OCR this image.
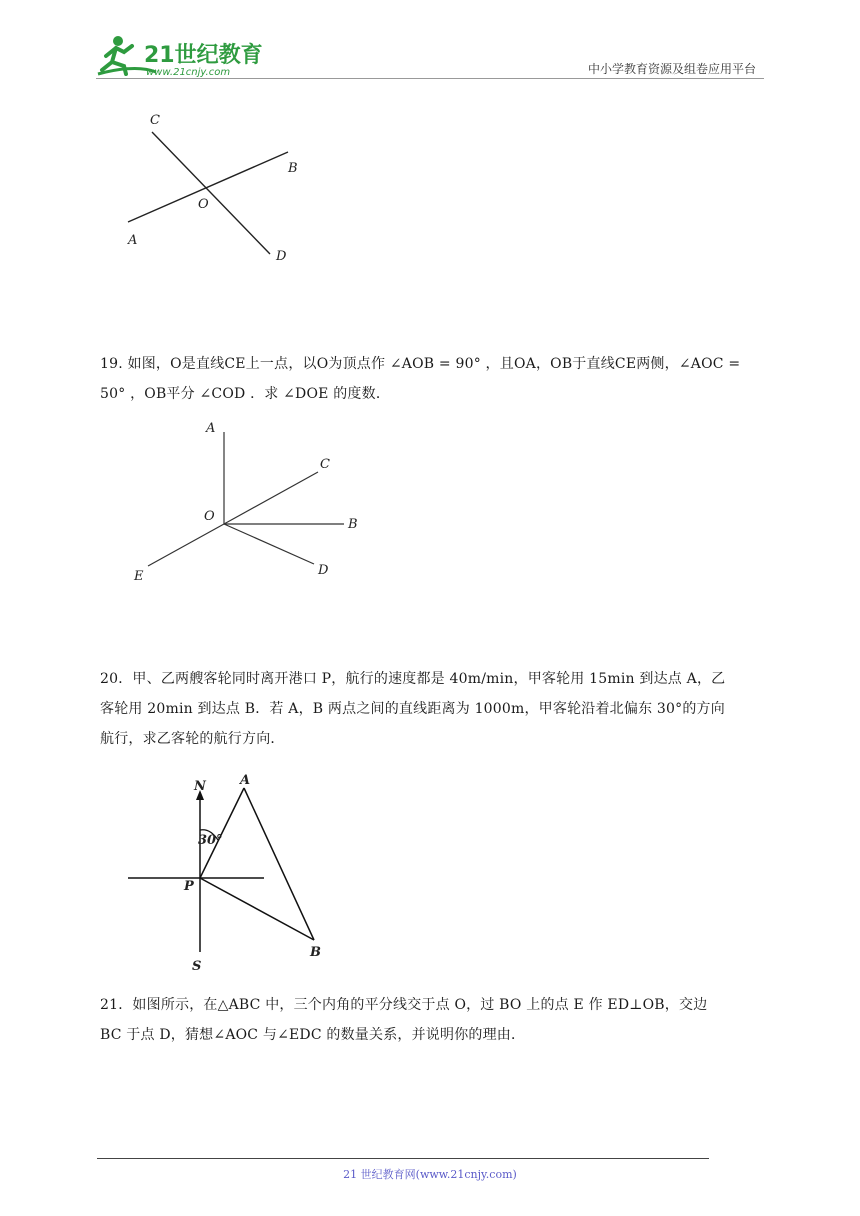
21世纪教育
www.21cnjy.com	中小学教育资源及组卷应用平台
C
B
O
A
D

19. 如图，O是直线CE上一点，以O为顶点作 ∠AOB = 90° ，且OA，OB于直线CE两侧，∠AOC =

50° ，OB平分 ∠COD ．求 ∠DOE 的度数．

A
C
O
B
E	D

20．甲、乙两艘客轮同时离开港口 P，航行的速度都是 40m/min，甲客轮用 15min 到达点 A，乙

客轮用 20min 到达点 B．若 A，B 两点之间的直线距离为 1000m，甲客轮沿着北偏东 30°的方向

航行，求乙客轮的航行方向．

N	A
30°
P
B
S

21．如图所示，在△ABC 中，三个内角的平分线交于点 O，过 BO 上的点 E 作 ED⊥OB，交边

BC 于点 D，猜想∠AOC 与∠EDC 的数量关系，并说明你的理由．

21 世纪教育网(www.21cnjy.com)
